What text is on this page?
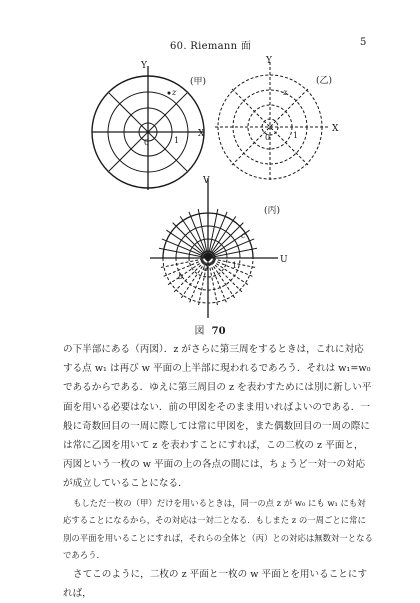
60. Riemann 面	5
Y
X
0	1
z
(甲)
Y
X
0	1
z
(乙)
V
U
0	1
c
b
(丙)
図 70

の下半部にある（丙図）．z がさらに第三周をするときは，これに対応する点 w₁ は再び w 平面の上半部に現われるであろう．それは w₁=w₀ であるからである．ゆえに第三周目の z を表わすためには別に新しい平面を用いる必要はない．前の甲図をそのまま用いればよいのである．一般に奇数回目の一周に際しては常に甲図を，また偶数回目の一周の際には常に乙図を用いて z を表わすことにすれば，この二枚の z 平面と，丙図という一枚の w 平面の上の各点の間には，ちょうど一対一の対応が成立していることになる．

もしただ一枚の（甲）だけを用いるときは，同一の点 z が w₀ にも w₁ にも対応することになるから，その対応は一対二となる．もしまた z の一周ごとに常に別の平面を用いることにすれば，それらの全体と（丙）との対応は無数対一となるであろう．

さてこのように，二枚の z 平面と一枚の w 平面とを用いることにすれば，
